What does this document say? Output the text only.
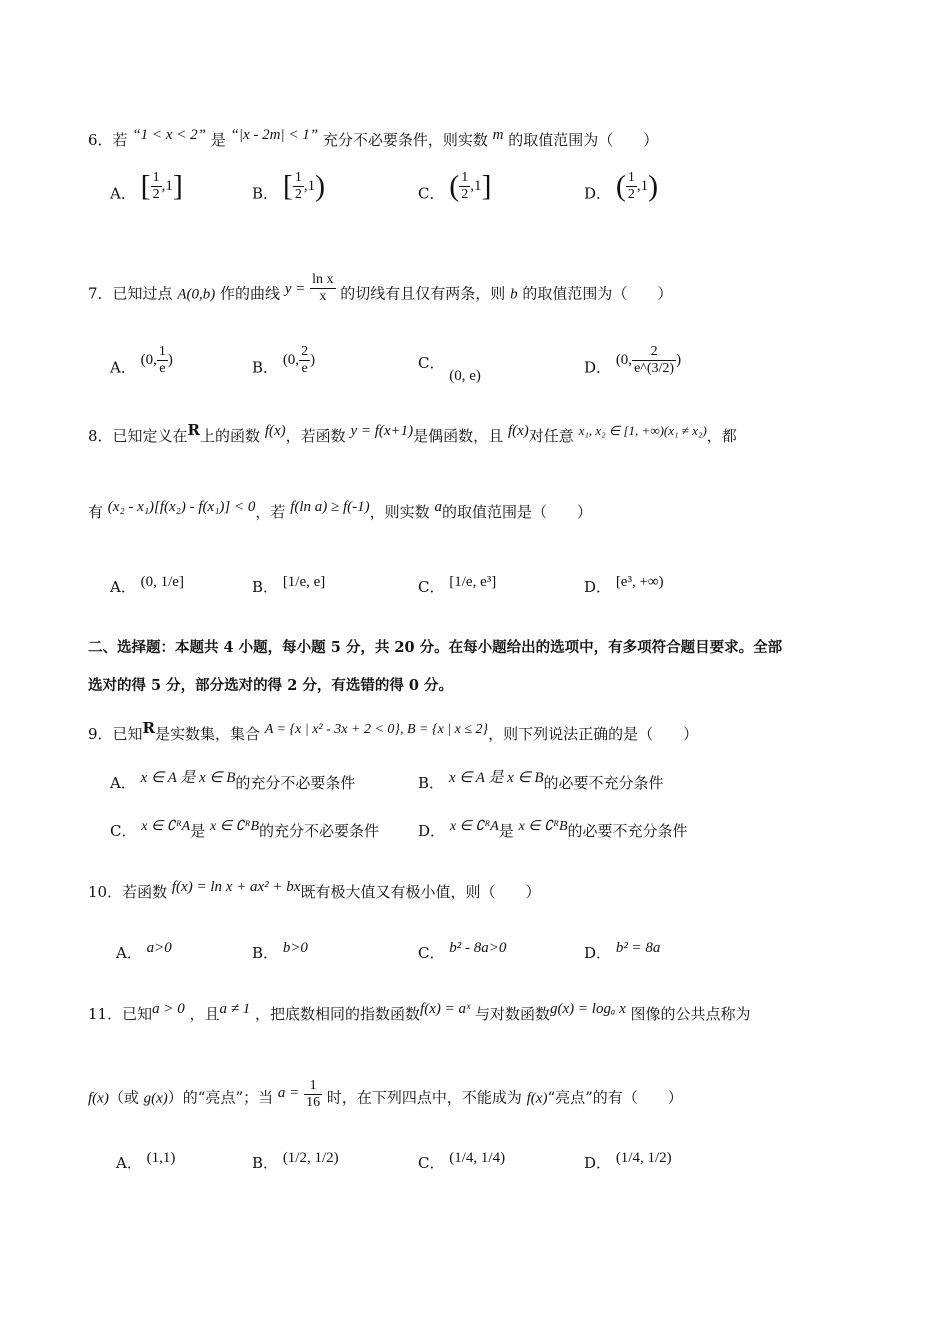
6．若 “1 < x < 2” 是 “|x - 2m| < 1” 充分不必要条件，则实数 m 的取值范围为（　　）
A． [ $\frac{1}{2} ,1$]	B． [ $\frac{1}{2} ,1$)	C． ( $\frac{1}{2} ,1$]	D． ( $\frac{1}{2} ,1$)
7．已知过点 A(0,b) 作的曲线 $y = \frac{\text{ln x}}{x}$ 的切线有且仅有两条，则 b 的取值范围为（　　）
A． (0, $\frac{1}{e}$ )	B． (0, $\frac{2}{e}$ )	C． (0, e)	D． (0, $\frac{2}{e\^{}(3/2)}$ )
8．已知定义在R上的函数 f(x)，若函数 y = f(x+1)是偶函数，且 f(x)对任意 x₁, x₂ ∈ [1, +∞)(x₁ ≠ x₂)，都
有 (x₂ - x₁)[f(x₂) - f(x₁)] < 0，若 f(ln a) ≥ f(-1)，则实数 a的取值范围是（　　）
A． (0, 1/e]	B． [1/e, e]	C． [1/e, e³]	D． [e³, +∞)
二、选择题：本题共 4 小题，每小题 5 分，共 20 分。在每小题给出的选项中，有多项符合题目要求。全部
选对的得 5 分，部分选对的得 2 分，有选错的得 0 分。
9．已知R是实数集，集合 A = {x | x² - 3x + 2 < 0}, B = {x | x ≤ 2}，则下列说法正确的是（　　）
A． x ∈ A 是 x ∈ B的充分不必要条件	B． x ∈ A 是 x ∈ B的必要不充分条件
C． x ∈ ∁ᴿA是 x ∈ ∁ᴿB的充分不必要条件	D． x ∈ ∁ᴿA是 x ∈ ∁ᴿB的必要不充分条件
10．若函数 f(x) = ln x + ax² + bx既有极大值又有极小值，则（　　）
A． a>0	B． b>0	C． b² - 8a>0	D． b² = 8a
11．已知a > 0 ，且a ≠ 1 ，把底数相同的指数函数f(x) = aˣ 与对数函数g(x) = logₐ x 图像的公共点称为
f(x)（或 g(x)）的“亮点”；当 $a = \frac{1}{16}$ 时，在下列四点中，不能成为 f(x)“亮点”的有（　　）
A． (1,1)	B． (1/2, 1/2)	C． (1/4, 1/4)	D． (1/4, 1/2)
